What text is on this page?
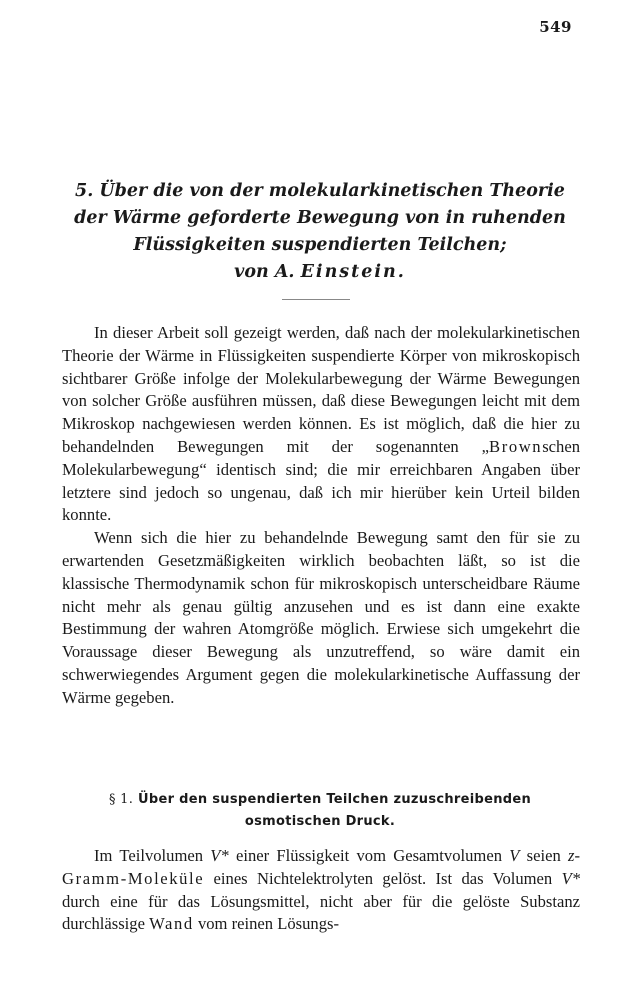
549
5. Über die von der molekularkinetischen Theorie
der Wärme geforderte Bewegung von in ruhenden
Flüssigkeiten suspendierten Teilchen;
von A. Einstein.

In dieser Arbeit soll gezeigt werden, daß nach der molekularkinetischen Theorie der Wärme in Flüssigkeiten suspendierte Körper von mikroskopisch sichtbarer Größe infolge der Molekularbewegung der Wärme Bewegungen von solcher Größe ausführen müssen, daß diese Bewegungen leicht mit dem Mikroskop nachgewiesen werden können. Es ist möglich, daß die hier zu behandelnden Bewegungen mit der sogenannten „Brownschen Molekularbewegung“ identisch sind; die mir erreichbaren Angaben über letztere sind jedoch so ungenau, daß ich mir hierüber kein Urteil bilden konnte.

Wenn sich die hier zu behandelnde Bewegung samt den für sie zu erwartenden Gesetzmäßigkeiten wirklich beobachten läßt, so ist die klassische Thermodynamik schon für mikroskopisch unterscheidbare Räume nicht mehr als genau gültig anzusehen und es ist dann eine exakte Bestimmung der wahren Atomgröße möglich. Erwiese sich umgekehrt die Voraussage dieser Bewegung als unzutreffend, so wäre damit ein schwerwiegendes Argument gegen die molekularkinetische Auffassung der Wärme gegeben.

§ 1. Über den suspendierten Teilchen zuzuschreibenden osmotischen Druck.

Im Teilvolumen V* einer Flüssigkeit vom Gesamtvolumen V seien z-Gramm-Moleküle eines Nichtelektrolyten gelöst. Ist das Volumen V* durch eine für das Lösungsmittel, nicht aber für die gelöste Substanz durchlässige Wand vom reinen Lösungs-
